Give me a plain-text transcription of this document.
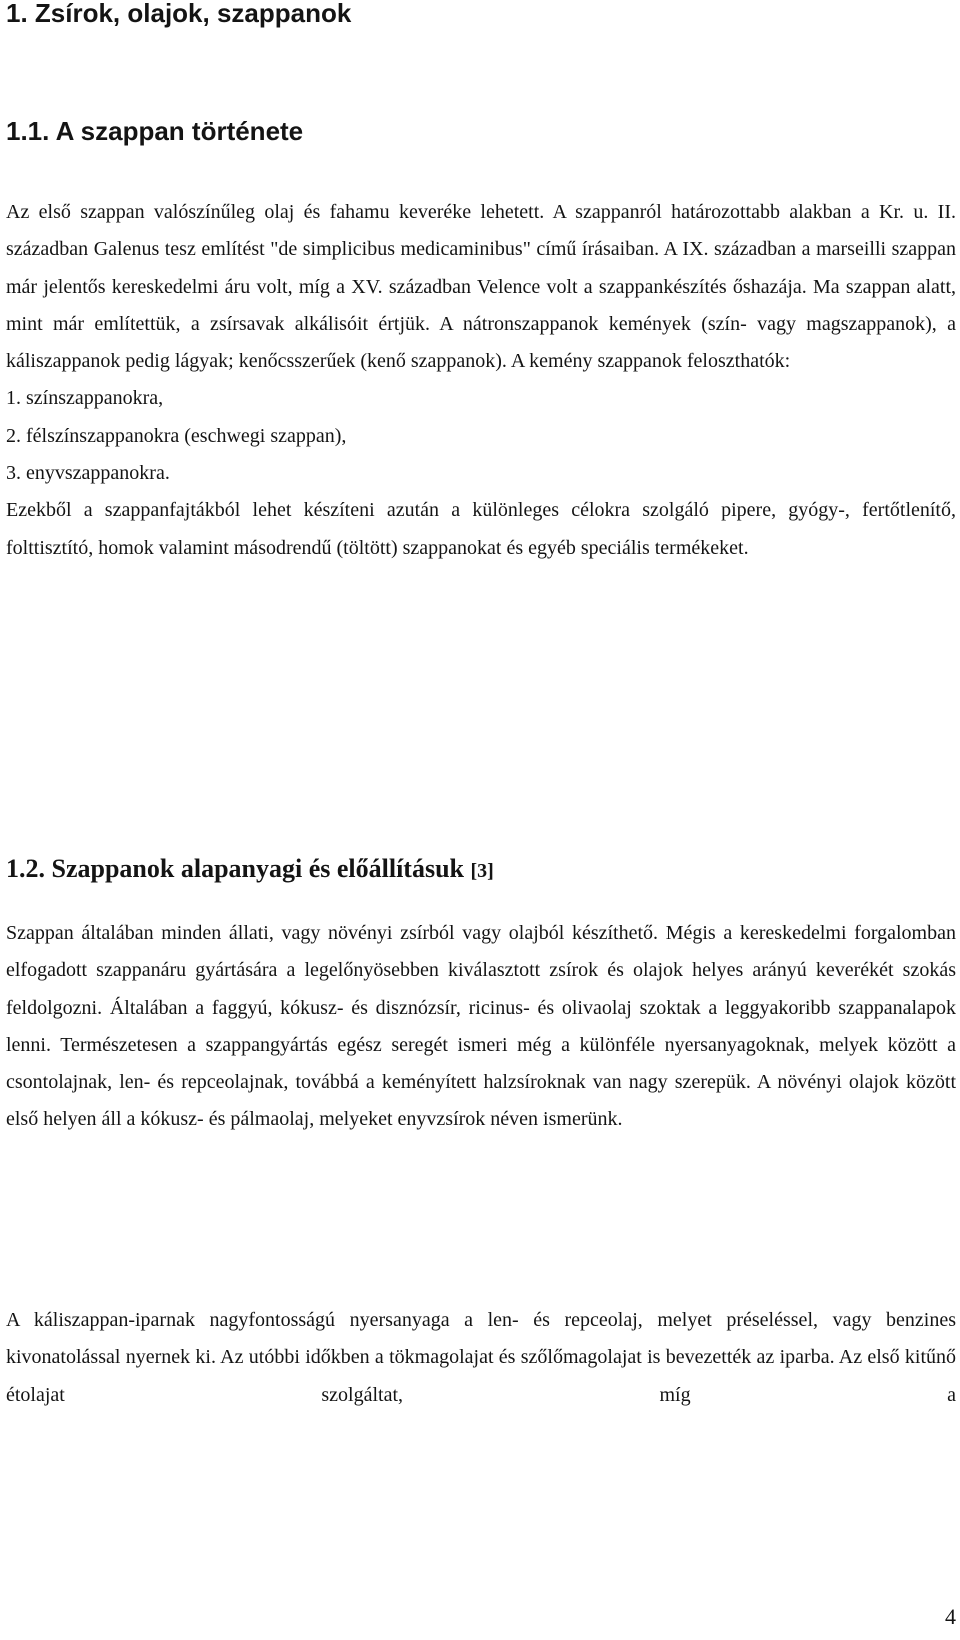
1. Zsírok, olajok, szappanok
1.1. A szappan története

Az első szappan valószínűleg olaj és fahamu keveréke lehetett. A szappanról határozottabb alakban a Kr. u. II. században Galenus tesz említést "de simplicibus medicaminibus" című írásaiban. A IX. században a marseilli szappan már jelentős kereskedelmi áru volt, míg a XV. században Velence volt a szappankészítés őshazája. Ma szappan alatt, mint már említettük, a zsírsavak alkálisóit értjük. A nátronszappanok kemények (szín- vagy magszappanok), a káliszappanok pedig lágyak; kenőcsszerűek (kenő szappanok). A kemény szappanok feloszthatók:

1. színszappanokra,

2. félszínszappanokra (eschwegi szappan),

3. enyvszappanokra.

Ezekből a szappanfajtákból lehet készíteni azután a különleges célokra szolgáló pipere, gyógy-, fertőtlenítő, folttisztító, homok valamint másodrendű (töltött) szappanokat és egyéb speciális termékeket.

1.2. Szappanok alapanyagi és előállításuk [3]

Szappan általában minden állati, vagy növényi zsírból vagy olajból készíthető. Mégis a kereskedelmi forgalomban elfogadott szappanáru gyártására a legelőnyösebben kiválasztott zsírok és olajok helyes arányú keverékét szokás feldolgozni. Általában a faggyú, kókusz- és disznózsír, ricinus- és olivaolaj szoktak a leggyakoribb szappanalapok lenni. Természetesen a szappangyártás egész seregét ismeri még a különféle nyersanyagoknak, melyek között a csontolajnak, len- és repceolajnak, továbbá a keményített halzsíroknak van nagy szerepük. A növényi olajok között első helyen áll a kókusz- és pálmaolaj, melyeket enyvzsírok néven ismerünk.

A káliszappan-iparnak nagyfontosságú nyersanyaga a len- és repceolaj, melyet préseléssel, vagy benzines kivonatolással nyernek ki. Az utóbbi időkben a tökmagolajat és szőlőmagolajat is bevezették az iparba. Az első kitűnő étolajat szolgáltat, míg a

4
